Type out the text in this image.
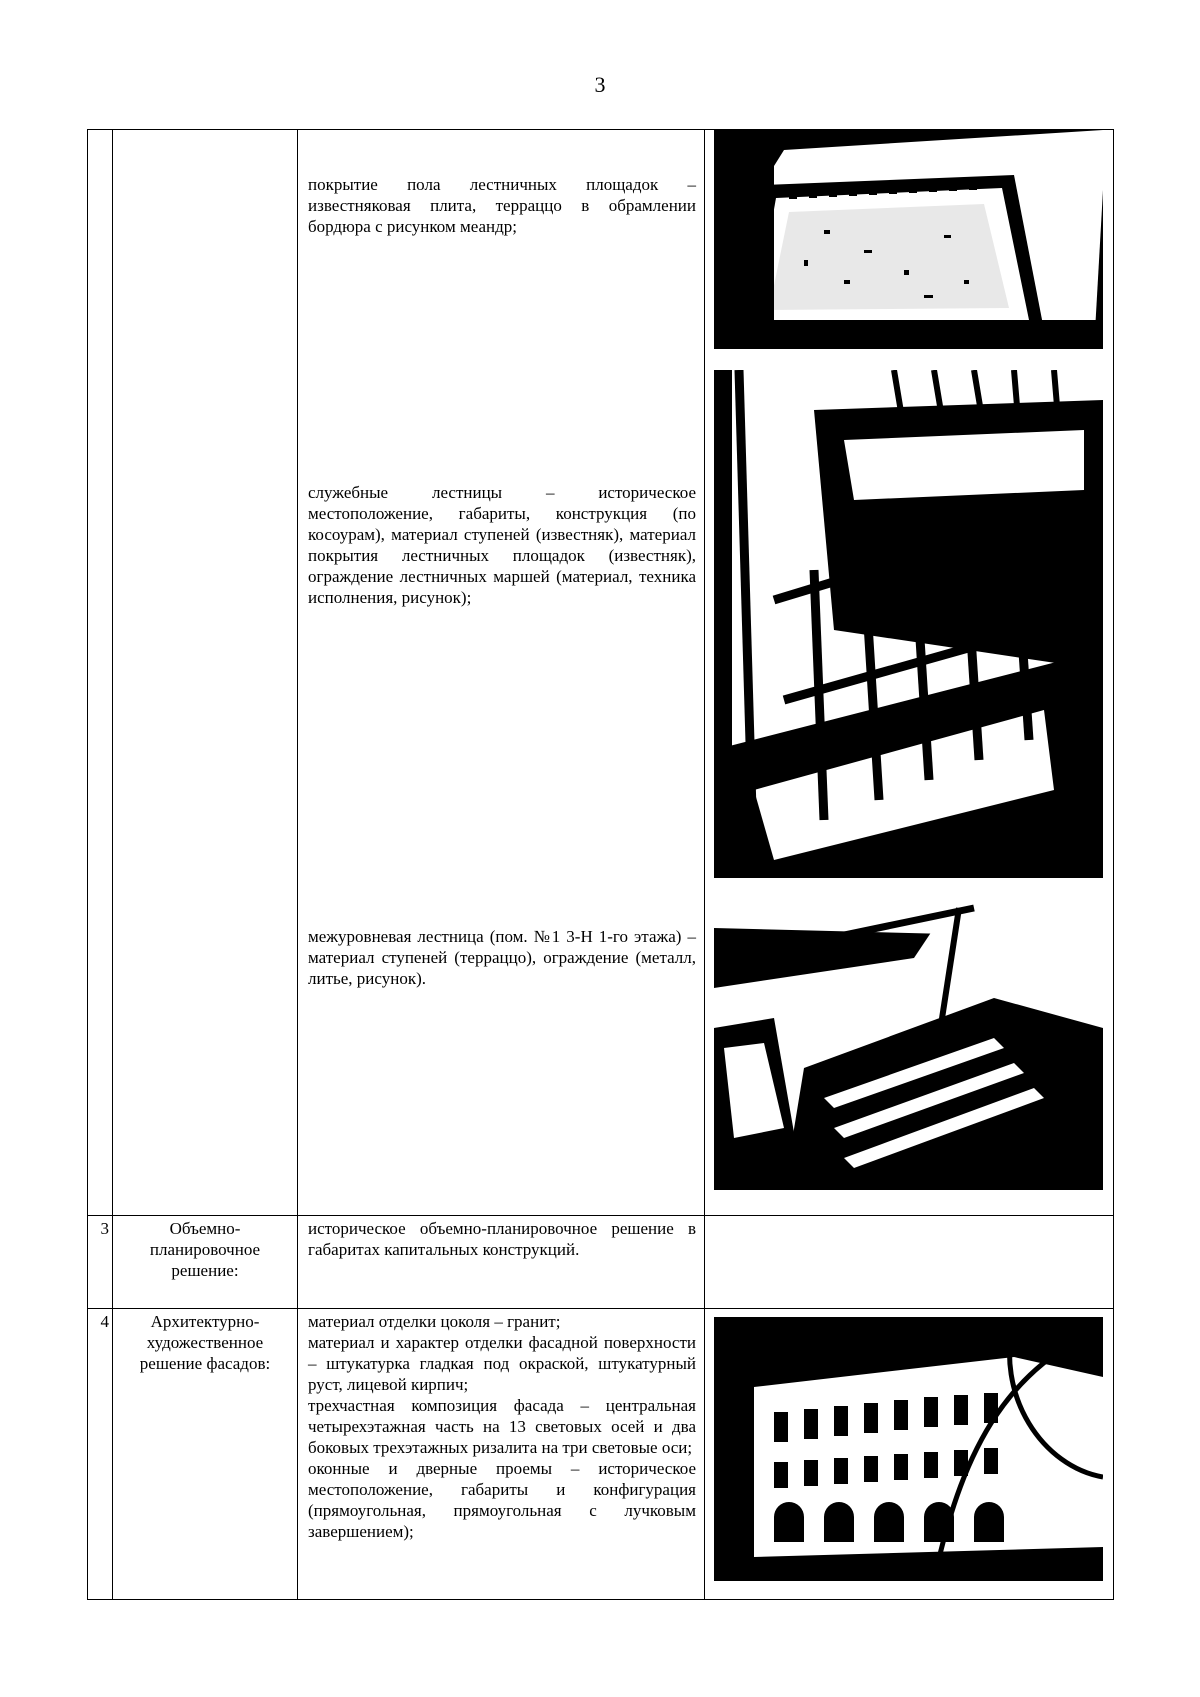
3

		покрытие пола лестничных площадок – известняковая плита, терраццо в обрамлении бордюра с рисунком меандр;

служебные лестницы – историческое местоположение, габариты, конструкция (по косоурам), материал ступеней (известняк), материал покрытия лестничных площадок (известняк), ограждение лестничных маршей (материал, техника исполнения, рисунок);

межуровневая лестница (пом. №1 3-Н 1-го этажа) – материал ступеней (терраццо), ограждение (металл, литье, рисунок).

3	Объемно-планировочное решение:	историческое объемно-планировочное решение в габаритах капитальных конструкций.	

4	Архитектурно-художественное решение фасадов:	материал отделки цоколя – гранит;

материал и характер отделки фасадной поверхности – штукатурка гладкая под окраской, штукатурный руст, лицевой кирпич;

трехчастная композиция фасада – центральная четырехэтажная часть на 13 световых осей и два боковых трехэтажных ризалита на три световые оси;

оконные и дверные проемы – историческое местоположение, габариты и конфигурация (прямоугольная, прямоугольная с лучковым завершением);
